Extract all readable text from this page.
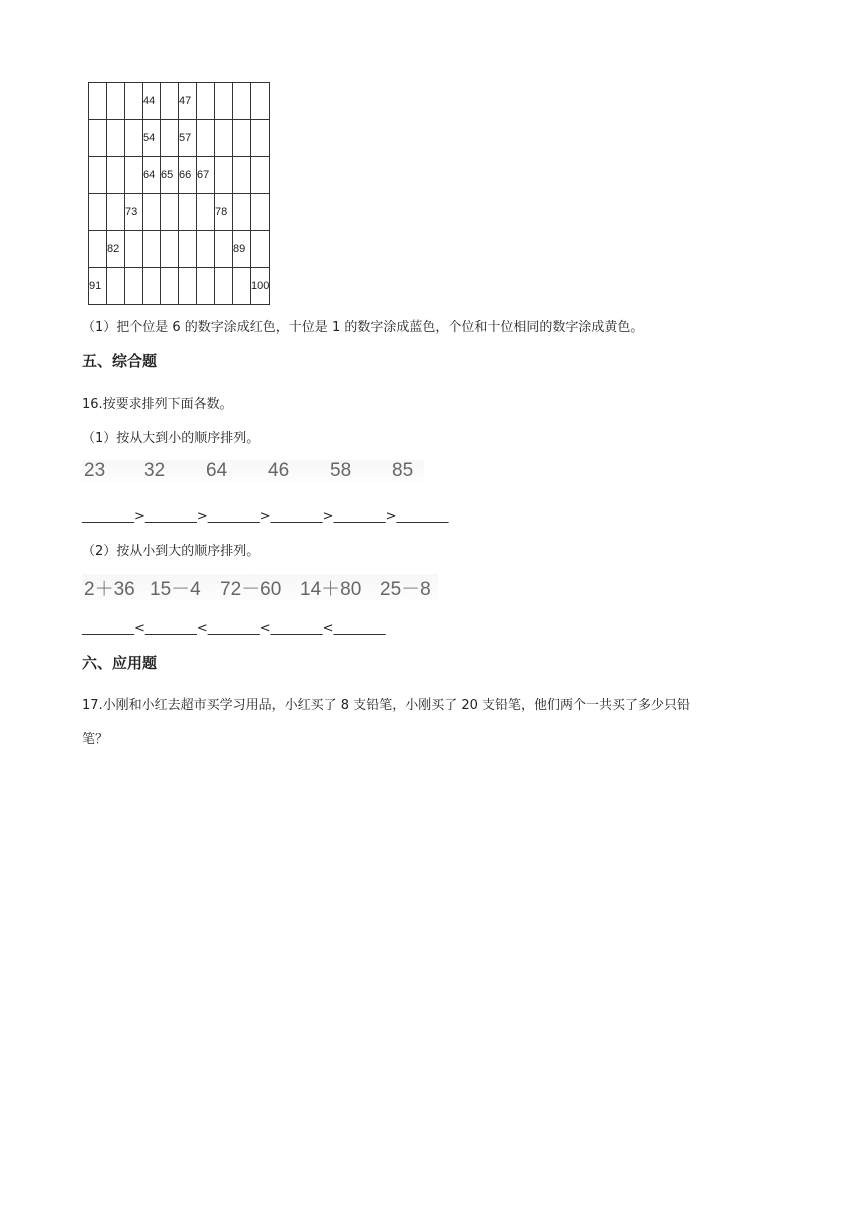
			44		47				
			54		57				
			64	65	66	67			
		73					78		
	82							89	
91									100
（1）把个位是 6 的数字涂成红色，十位是 1 的数字涂成蓝色，个位和十位相同的数字涂成黄色。
五、综合题
16.按要求排列下面各数。
（1）按从大到小的顺序排列。
23 32 64 46 58 85
________>________>________>________>________>________
（2）按从小到大的顺序排列。
2＋36 15－4 72－60 14＋80 25－8
________<________<________<________<________
六、应用题
17.小刚和小红去超市买学习用品，小红买了 8 支铅笔，小刚买了 20 支铅笔，他们两个一共买了多少只铅
笔？
